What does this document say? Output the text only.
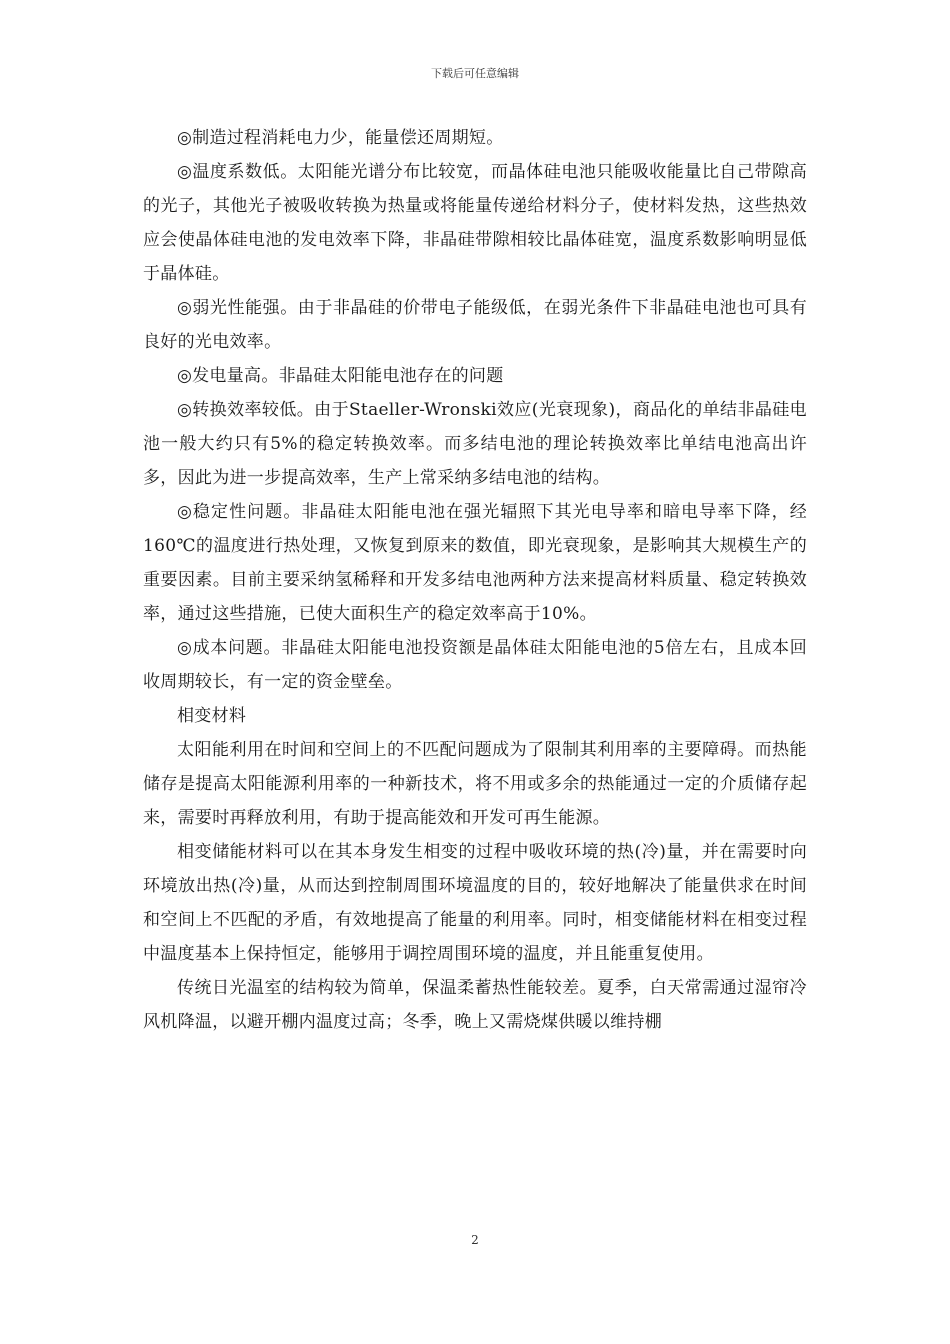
下载后可任意编辑

◎制造过程消耗电力少，能量偿还周期短。

◎温度系数低。太阳能光谱分布比较宽，而晶体硅电池只能吸收能量比自己带隙高的光子，其他光子被吸收转换为热量或将能量传递给材料分子，使材料发热，这些热效应会使晶体硅电池的发电效率下降，非晶硅带隙相较比晶体硅宽，温度系数影响明显低于晶体硅。

◎弱光性能强。由于非晶硅的价带电子能级低，在弱光条件下非晶硅电池也可具有良好的光电效率。

◎发电量高。非晶硅太阳能电池存在的问题

◎转换效率较低。由于Staeller-Wronski效应(光衰现象)，商品化的单结非晶硅电池一般大约只有5%的稳定转换效率。而多结电池的理论转换效率比单结电池高出许多，因此为进一步提高效率，生产上常采纳多结电池的结构。

◎稳定性问题。非晶硅太阳能电池在强光辐照下其光电导率和暗电导率下降，经160℃的温度进行热处理，又恢复到原来的数值，即光衰现象，是影响其大规模生产的重要因素。目前主要采纳氢稀释和开发多结电池两种方法来提高材料质量、稳定转换效率，通过这些措施，已使大面积生产的稳定效率高于10%。

◎成本问题。非晶硅太阳能电池投资额是晶体硅太阳能电池的5倍左右，且成本回收周期较长，有一定的资金壁垒。

相变材料

太阳能利用在时间和空间上的不匹配问题成为了限制其利用率的主要障碍。而热能储存是提高太阳能源利用率的一种新技术，将不用或多余的热能通过一定的介质储存起来，需要时再释放利用，有助于提高能效和开发可再生能源。

相变储能材料可以在其本身发生相变的过程中吸收环境的热(冷)量，并在需要时向环境放出热(冷)量，从而达到控制周围环境温度的目的，较好地解决了能量供求在时间和空间上不匹配的矛盾，有效地提高了能量的利用率。同时，相变储能材料在相变过程中温度基本上保持恒定，能够用于调控周围环境的温度，并且能重复使用。

传统日光温室的结构较为简单，保温柔蓄热性能较差。夏季，白天常需通过湿帘冷风机降温，以避开棚内温度过高；冬季，晚上又需烧煤供暖以维持棚

2
